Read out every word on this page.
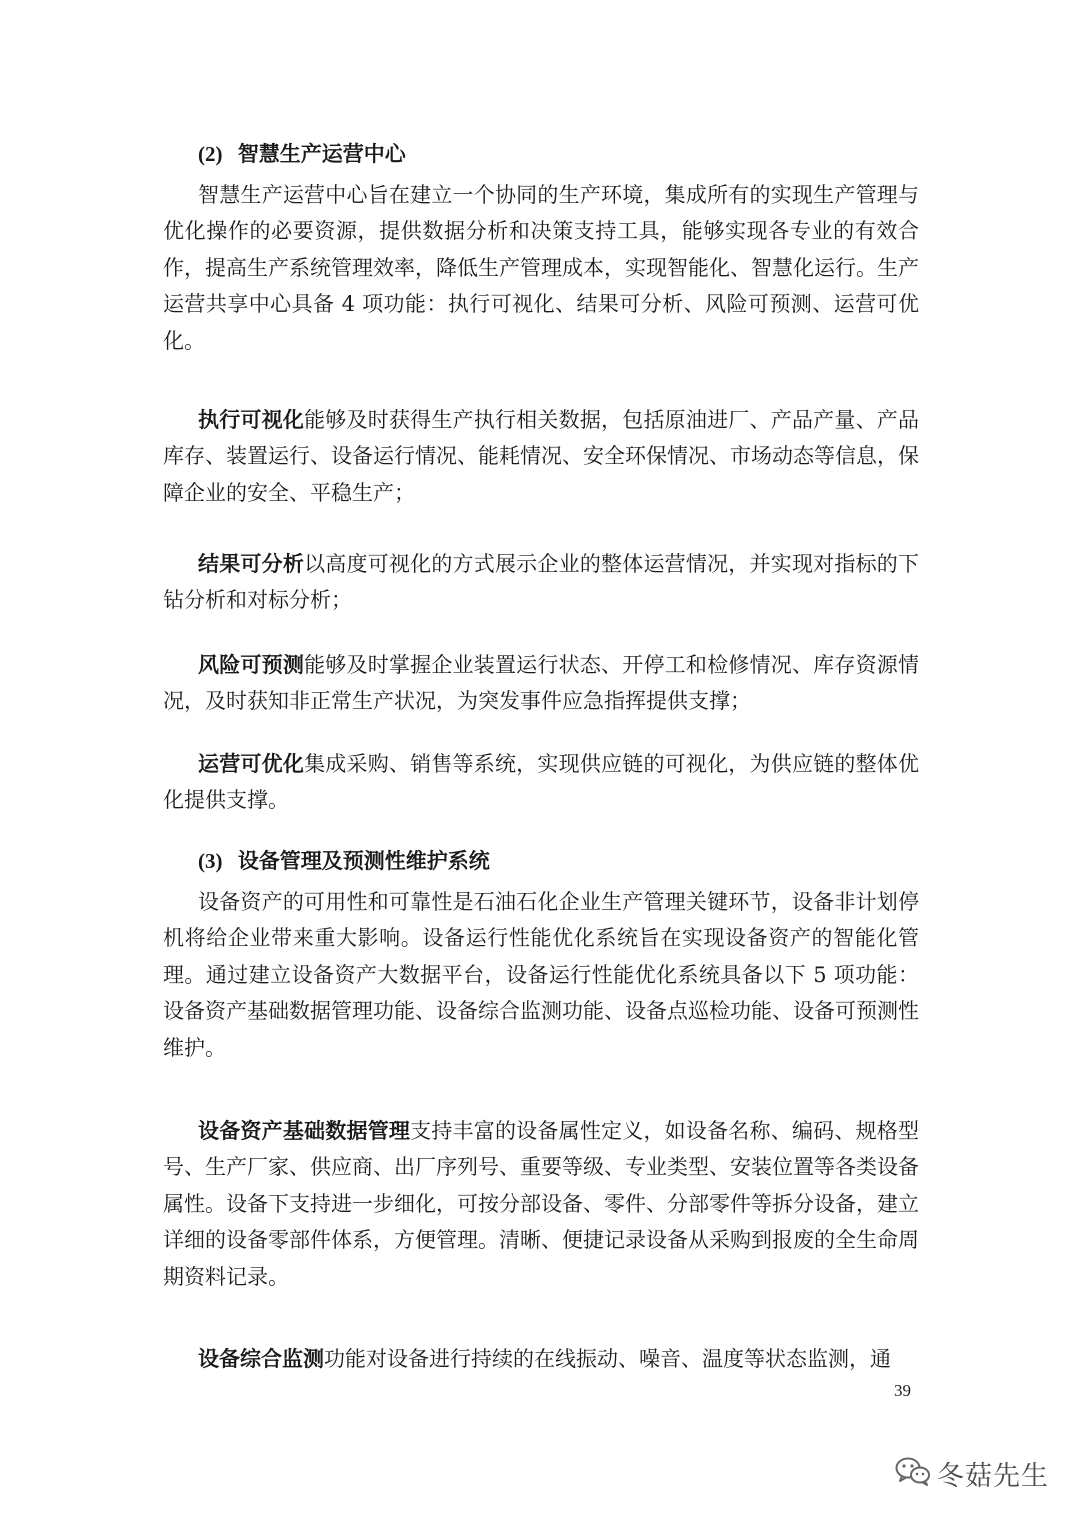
(2) 智慧生产运营中心

智慧生产运营中心旨在建立一个协同的生产环境，集成所有的实现生产管理与优化操作的必要资源，提供数据分析和决策支持工具，能够实现各专业的有效合作，提高生产系统管理效率，降低生产管理成本，实现智能化、智慧化运行。生产运营共享中心具备 4 项功能：执行可视化、结果可分析、风险可预测、运营可优化。

执行可视化能够及时获得生产执行相关数据，包括原油进厂、产品产量、产品库存、装置运行、设备运行情况、能耗情况、安全环保情况、市场动态等信息，保障企业的安全、平稳生产；

结果可分析以高度可视化的方式展示企业的整体运营情况，并实现对指标的下钻分析和对标分析；

风险可预测能够及时掌握企业装置运行状态、开停工和检修情况、库存资源情况，及时获知非正常生产状况，为突发事件应急指挥提供支撑；

运营可优化集成采购、销售等系统，实现供应链的可视化，为供应链的整体优化提供支撑。

(3) 设备管理及预测性维护系统

设备资产的可用性和可靠性是石油石化企业生产管理关键环节，设备非计划停机将给企业带来重大影响。设备运行性能优化系统旨在实现设备资产的智能化管理。通过建立设备资产大数据平台，设备运行性能优化系统具备以下 5 项功能：设备资产基础数据管理功能、设备综合监测功能、设备点巡检功能、设备可预测性维护。

设备资产基础数据管理支持丰富的设备属性定义，如设备名称、编码、规格型号、生产厂家、供应商、出厂序列号、重要等级、专业类型、安装位置等各类设备属性。设备下支持进一步细化，可按分部设备、零件、分部零件等拆分设备，建立详细的设备零部件体系，方便管理。清晰、便捷记录设备从采购到报废的全生命周期资料记录。

设备综合监测功能对设备进行持续的在线振动、噪音、温度等状态监测，通

39
冬菇先生
